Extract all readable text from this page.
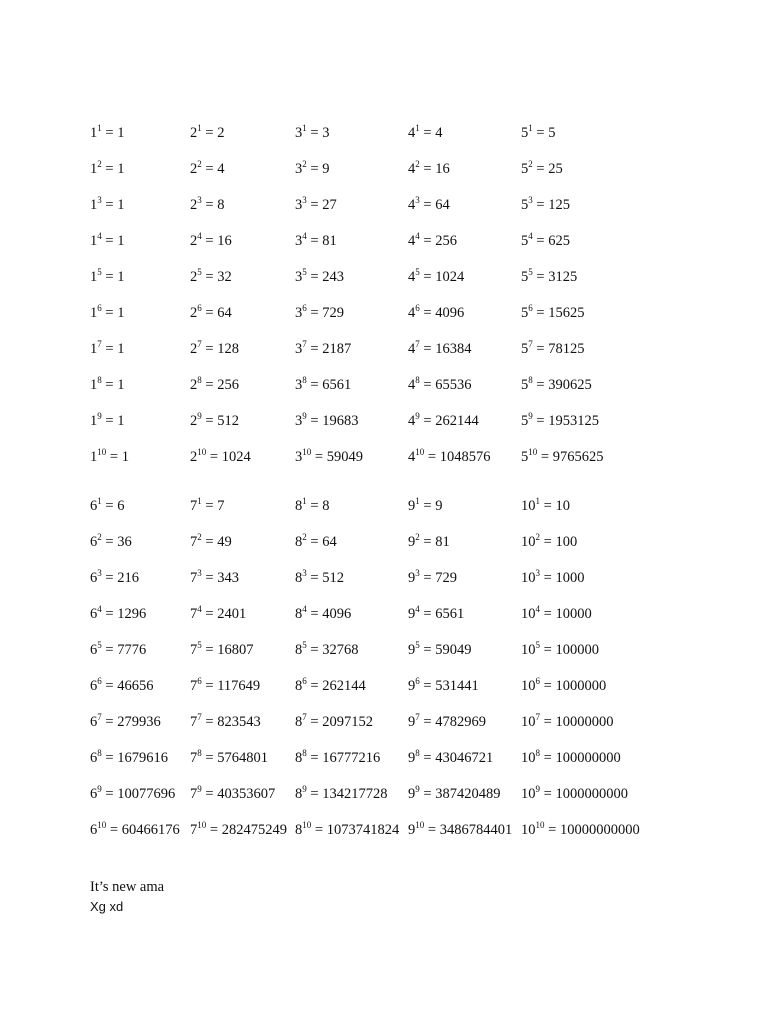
$1^1 = 1$	$2^1 = 2$	$3^1 = 3$	$4^1 = 4$	$5^1 = 5$
$1^2 = 1$	$2^2 = 4$	$3^2 = 9$	$4^2 = 16$	$5^2 = 25$
$1^3 = 1$	$2^3 = 8$	$3^3 = 27$	$4^3 = 64$	$5^3 = 125$
$1^4 = 1$	$2^4 = 16$	$3^4 = 81$	$4^4 = 256$	$5^4 = 625$
$1^5 = 1$	$2^5 = 32$	$3^5 = 243$	$4^5 = 1024$	$5^5 = 3125$
$1^6 = 1$	$2^6 = 64$	$3^6 = 729$	$4^6 = 4096$	$5^6 = 15625$
$1^7 = 1$	$2^7 = 128$	$3^7 = 2187$	$4^7 = 16384$	$5^7 = 78125$
$1^8 = 1$	$2^8 = 256$	$3^8 = 6561$	$4^8 = 65536$	$5^8 = 390625$
$1^9 = 1$	$2^9 = 512$	$3^9 = 19683$	$4^9 = 262144$	$5^9 = 1953125$
$1^{10} = 1$	$2^{10} = 1024$	$3^{10} = 59049$	$4^{10} = 1048576$ $5^{10} = 9765625$
$6^1 = 6$	$7^1 = 7$	$8^1 = 8$	$9^1 = 9$	$10^1 = 10$
$6^2 = 36$	$7^2 = 49$	$8^2 = 64$	$9^2 = 81$	$10^2 = 100$
$6^3 = 216$	$7^3 = 343$	$8^3 = 512$	$9^3 = 729$	$10^3 = 1000$
$6^4 = 1296$	$7^4 = 2401$	$8^4 = 4096$	$9^4 = 6561$	$10^4 = 10000$
$6^5 = 7776$	$7^5 = 16807$	$8^5 = 32768$	$9^5 = 59049$	$10^5 = 100000$
$6^6 = 46656$	$7^6 = 117649$ $8^6 = 262144$	$9^6 = 531441$	$10^6 = 1000000$
$6^7 = 279936$ $7^7 = 823543$ $8^7 = 2097152$ $9^7 = 4782969$ $10^7 = 10000000$
$6^8 = 1679616$ $7^8 = 5764801$ $8^8 = 16777216$ $9^8 = 43046721$ $10^8 = 100000000$
$6^9 = 10077696$ $7^9 = 40353607$ $8^9 = 134217728$ $9^9 = 387420489$ $10^9 = 1000000000$
$6^{10} = 60466176$ $7^{10} = 282475249$ $8^{10} = 1073741824$ $9^{10} = 3486784401$ $10^{10} = 10000000000$
It’s new ama
Xg xd
